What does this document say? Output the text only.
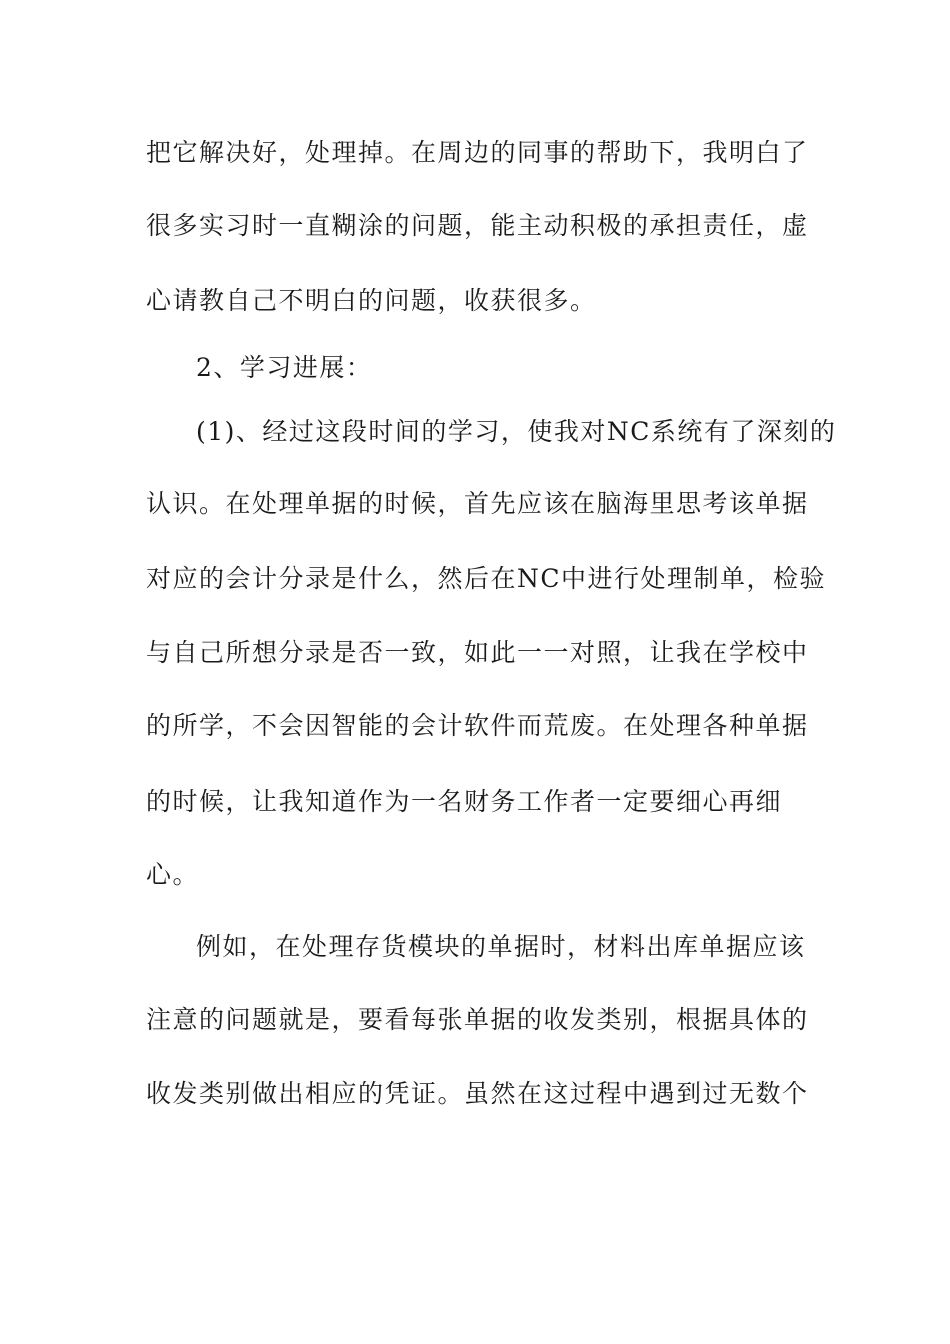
把它解决好，处理掉。在周边的同事的帮助下，我明白了
很多实习时一直糊涂的问题，能主动积极的承担责任，虚
心请教自己不明白的问题，收获很多。
2、学习进展：
(1)、经过这段时间的学习，使我对NC系统有了深刻的
认识。在处理单据的时候，首先应该在脑海里思考该单据
对应的会计分录是什么，然后在NC中进行处理制单，检验
与自己所想分录是否一致，如此一一对照，让我在学校中
的所学，不会因智能的会计软件而荒废。在处理各种单据
的时候，让我知道作为一名财务工作者一定要细心再细
心。
例如，在处理存货模块的单据时，材料出库单据应该
注意的问题就是，要看每张单据的收发类别，根据具体的
收发类别做出相应的凭证。虽然在这过程中遇到过无数个
